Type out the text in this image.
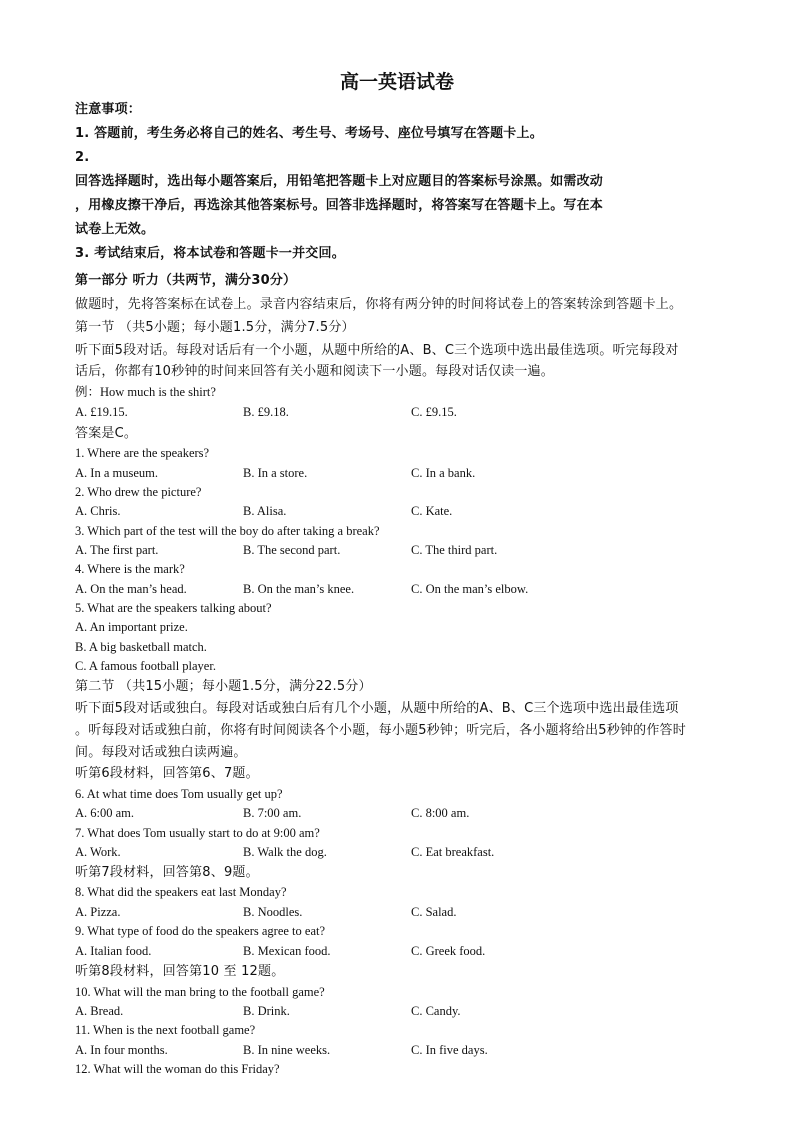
高一英语试卷
注意事项：
1. 答题前，考生务必将自己的姓名、考生号、考场号、座位号填写在答题卡上。
2.
回答选择题时，选出每小题答案后，用铅笔把答题卡上对应题目的答案标号涂黑。如需改动
，用橡皮擦干净后，再选涂其他答案标号。回答非选择题时，将答案写在答题卡上。写在本
试卷上无效。
3. 考试结束后，将本试卷和答题卡一并交回。
第一部分 听力（共两节，满分30分）
做题时，先将答案标在试卷上。录音内容结束后，你将有两分钟的时间将试卷上的答案转涂到答题卡上。
第一节 （共5小题；每小题1.5分，满分7.5分）
听下面5段对话。每段对话后有一个小题，从题中所给的A、B、C三个选项中选出最佳选项。听完每段对
话后，你都有10秒钟的时间来回答有关小题和阅读下一小题。每段对话仅读一遍。
例：How much is the shirt?
A. £19.15.	B. £9.18.	C. £9.15.
答案是C。
1. Where are the speakers?
A. In a museum.	B. In a store.	C. In a bank.
2. Who drew the picture?
A. Chris.	B. Alisa.	C. Kate.
3. Which part of the test will the boy do after taking a break?
A. The first part.	B. The second part.	C. The third part.
4. Where is the mark?
A. On the man’s head.	B. On the man’s knee.	C. On the man’s elbow.
5. What are the speakers talking about?
A. An important prize.
B. A big basketball match.
C. A famous football player.
第二节 （共15小题；每小题1.5分，满分22.5分）
听下面5段对话或独白。每段对话或独白后有几个小题，从题中所给的A、B、C三个选项中选出最佳选项
。听每段对话或独白前，你将有时间阅读各个小题，每小题5秒钟；听完后，各小题将给出5秒钟的作答时
间。每段对话或独白读两遍。
听第6段材料，回答第6、7题。
6. At what time does Tom usually get up?
A. 6:00 am.	B. 7:00 am.	C. 8:00 am.
7. What does Tom usually start to do at 9:00 am?
A. Work.	B. Walk the dog.	C. Eat breakfast.
听第7段材料，回答第8、9题。
8. What did the speakers eat last Monday?
A. Pizza.	B. Noodles.	C. Salad.
9. What type of food do the speakers agree to eat?
A. Italian food.	B. Mexican food.	C. Greek food.
听第8段材料，回答第10 至 12题。
10. What will the man bring to the football game?
A. Bread.	B. Drink.	C. Candy.
11. When is the next football game?
A. In four months.	B. In nine weeks.	C. In five days.
12. What will the woman do this Friday?
